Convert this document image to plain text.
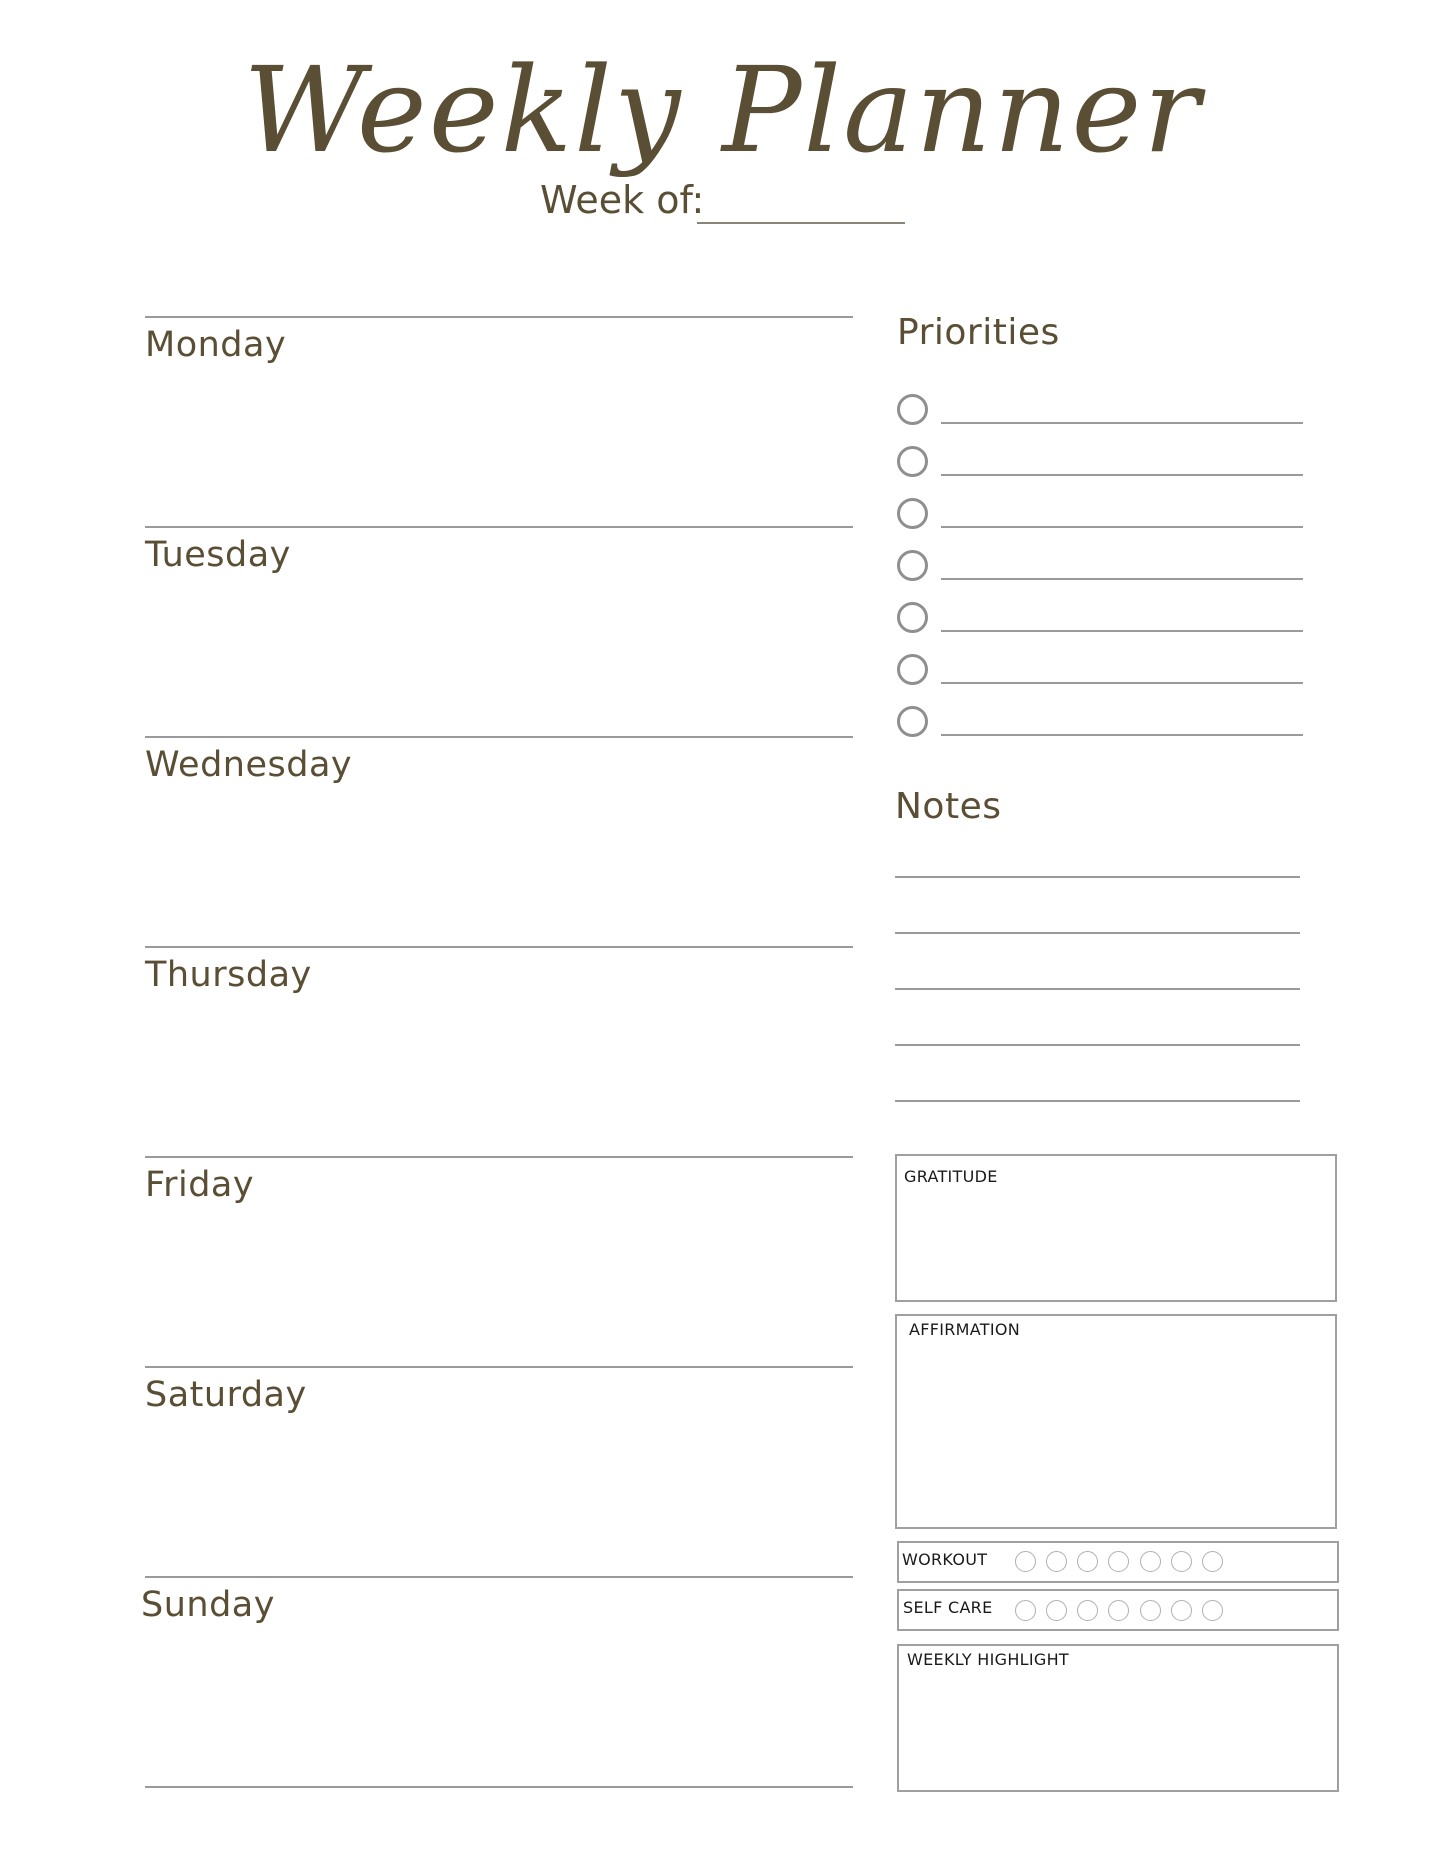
Weekly Planner
Week of:
Monday
Tuesday
Wednesday
Thursday
Friday
Saturday
Sunday
Priorities
Notes
GRATITUDE
AFFIRMATION
WORKOUT
SELF CARE
WEEKLY HIGHLIGHT
